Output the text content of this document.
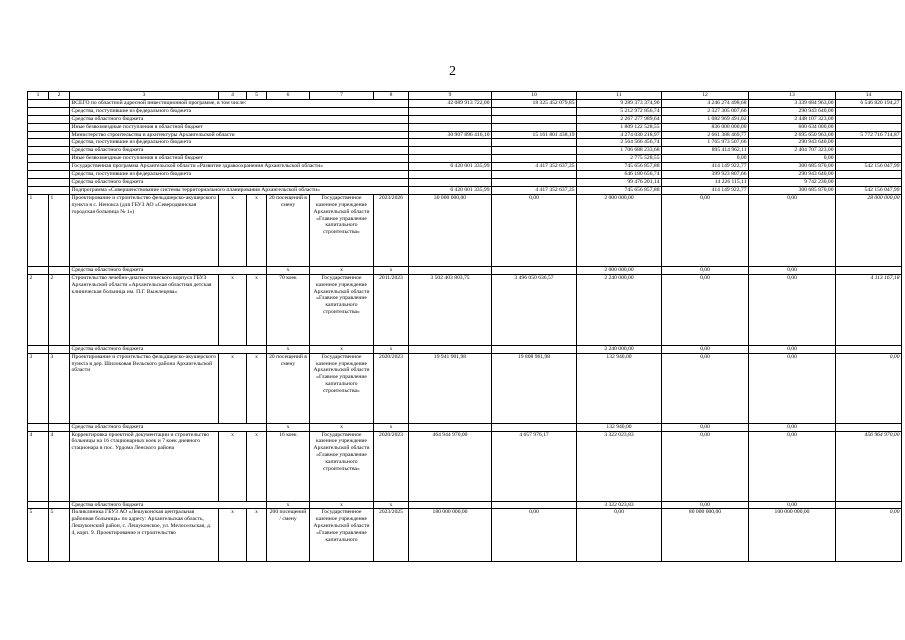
2
1	2	3	4	5	6	7	8	9	10	11	12	13	14
		ВСЕГО по областной адресной инвестиционной программе, в том числе:						42 089 913 722,00	18 325 452 079,85	9 289 373 374,90	4 246 274 498,68	3 339 684 963,00	6 546 820 194,27
		Средства, поступившие из федерального бюджета								5 212 972 856,74	2 327 305 007,66	290 943 640,00	
		Средства областного бюджета								2 267 277 989,64	1 082 969 491,02	2 448 107 323,00	
		Иные безвозмездные поступления в областной бюджет								1 809 122 528,55	836 000 000,00	600 634 000,00	
		Министерство строительства и архитектуры Архангельской области						30 907 896 416,10	15 161 801 438,19	4 274 030 218,97	2 661 388 469,77	2 695 650 963,00	5 772 716 714,87
		Средства, поступившие из федерального бюджета								2 564 566 456,74	1 765 973 507,66	290 943 640,00	
		Средства областного бюджета								1 706 688 233,68	895 414 962,11	2 404 707 323,00	
		Иные безвозмездные поступления в областной бюджет								2 775 528,55	0,00	0,00	
		Государственная программа Архангельской области «Развитие здравоохранения Архангельской области»						6 420 001 335,99	4 417 352 637,35	745 656 857,88	414 149 922,77	300 685 870,00	542 156 047,99
		Средства, поступившие из федерального бюджета								646 180 656,74	399 923 807,66	290 943 640,00	
		Средства областного бюджета								99 476 201,14	14 226 115,11	9 742 230,00	
		Подпрограмма «Совершенствование системы территориального планирования Архангельской области»						6 420 001 335,99	4 417 352 637,35	745 656 857,88	414 149 922,77	300 685 870,00	542 156 047,99
1	1	Проектирование и строительство фельдшерско-акушерского пункта в с. Ненокса (для ГБУЗ АО «Северодвинская городская больница № 1»)	x	x	20 посещений в смену	Государственное казенное учреждение Архангельской области «Главное управление капитального строительства»	2023/2026	30 000 000,00	0,00	2 000 000,00	0,00	0,00	28 000 000,00
		Средства областного бюджета			x	x	x			2 000 000,00	0,00	0,00	
2	2	Строительство лечебно-диагностического корпуса ГБУЗ Архангельской области «Архангельская областная детская клиническая больница им. П.Г. Выжлецова»	x	x	70 коек	Государственное казенное учреждение Архангельской области «Главное управление капитального строительства»	2011/2023	3 502 403 803,75	3 496 050 636,57	2 240 000,00	0,00	0,00	4 113 167,18
		Средства областного бюджета			x	x	x			2 240 000,00	0,00	0,00	
3	3	Проектирование и строительство фельдшерско-акушерского пункта в дер. Шилоковая Вельского района Архангельской области	x	x	20 посещений в смену	Государственное казенное учреждение Архангельской области «Главное управление капитального строительства»	2020/2023	19 941 901,98	19 808 961,98	132 940,00	0,00	0,00	0,00
		Средства областного бюджета			x	x	x			132 940,00	0,00	0,00	
4	4	Корректировка проектной документации и строительство больницы на 16 стационарных коек и 7 коек дневного стационара в пос. Урдома Ленского района	x	x	16 коек	Государственное казенное учреждение Архангельской области «Главное управление капитального строительства»	2020/2023	464 944 970,00	4 657 976,17	3 322 023,83	0,00	0,00	456 964 970,00
		Средства областного бюджета			x	x	x			3 322 023,83	0,00	0,00	
5	5	Поликлиника ГБУЗ АО «Лешуконская центральная районная больница» по адресу: Архангельская область, Лешуконский район, с. Лешуконское, ул. Мелосельская, д. 4, корп. 9. Проектирование и строительство	x	x	200 посещений / смену	Государственное казенное учреждение Архангельской области «Главное управление капитального	2023/2025	180 000 000,00	0,00	0,00	80 000 000,00	100 000 000,00	0,00
